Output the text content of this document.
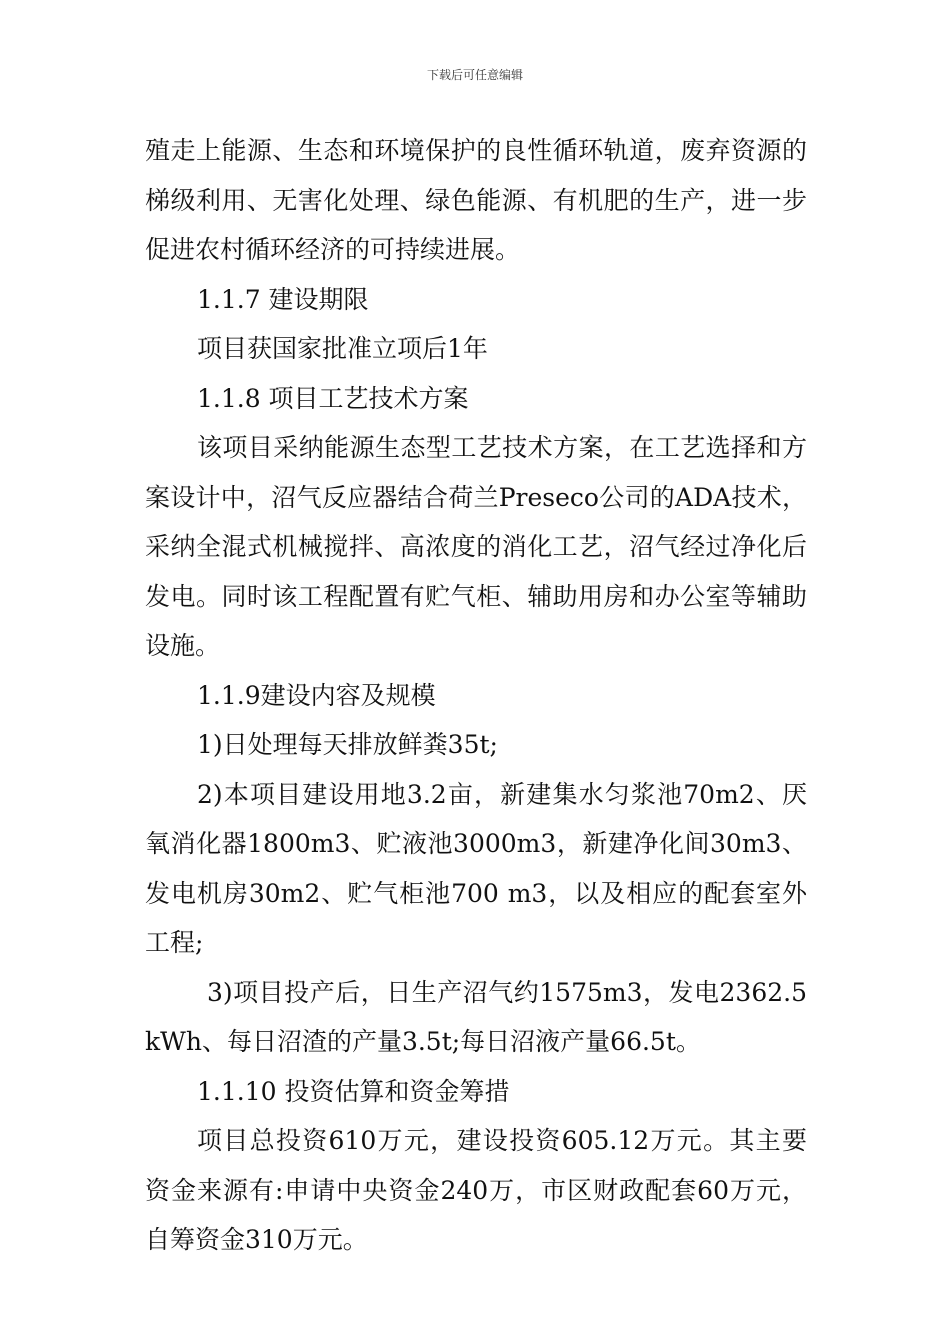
下载后可任意编辑

殖走上能源、生态和环境保护的良性循环轨道，废弃资源的梯级利用、无害化处理、绿色能源、有机肥的生产，进一步促进农村循环经济的可持续进展。

1.1.7 建设期限

项目获国家批准立项后1年

1.1.8 项目工艺技术方案

该项目采纳能源生态型工艺技术方案，在工艺选择和方案设计中，沼气反应器结合荷兰Preseco公司的ADA技术，采纳全混式机械搅拌、高浓度的消化工艺，沼气经过净化后发电。同时该工程配置有贮气柜、辅助用房和办公室等辅助设施。

1.1.9建设内容及规模

1)日处理每天排放鲜粪35t;

2)本项目建设用地3.2亩，新建集水匀浆池70m2、厌氧消化器1800m3、贮液池3000m3，新建净化间30m3、发电机房30m2、贮气柜池700 m3，以及相应的配套室外工程;

3)项目投产后，日生产沼气约1575m3，发电2362.5kWh、每日沼渣的产量3.5t;每日沼液产量66.5t。

1.1.10 投资估算和资金筹措

项目总投资610万元，建设投资605.12万元。其主要资金来源有:申请中央资金240万，市区财政配套60万元，自筹资金310万元。
